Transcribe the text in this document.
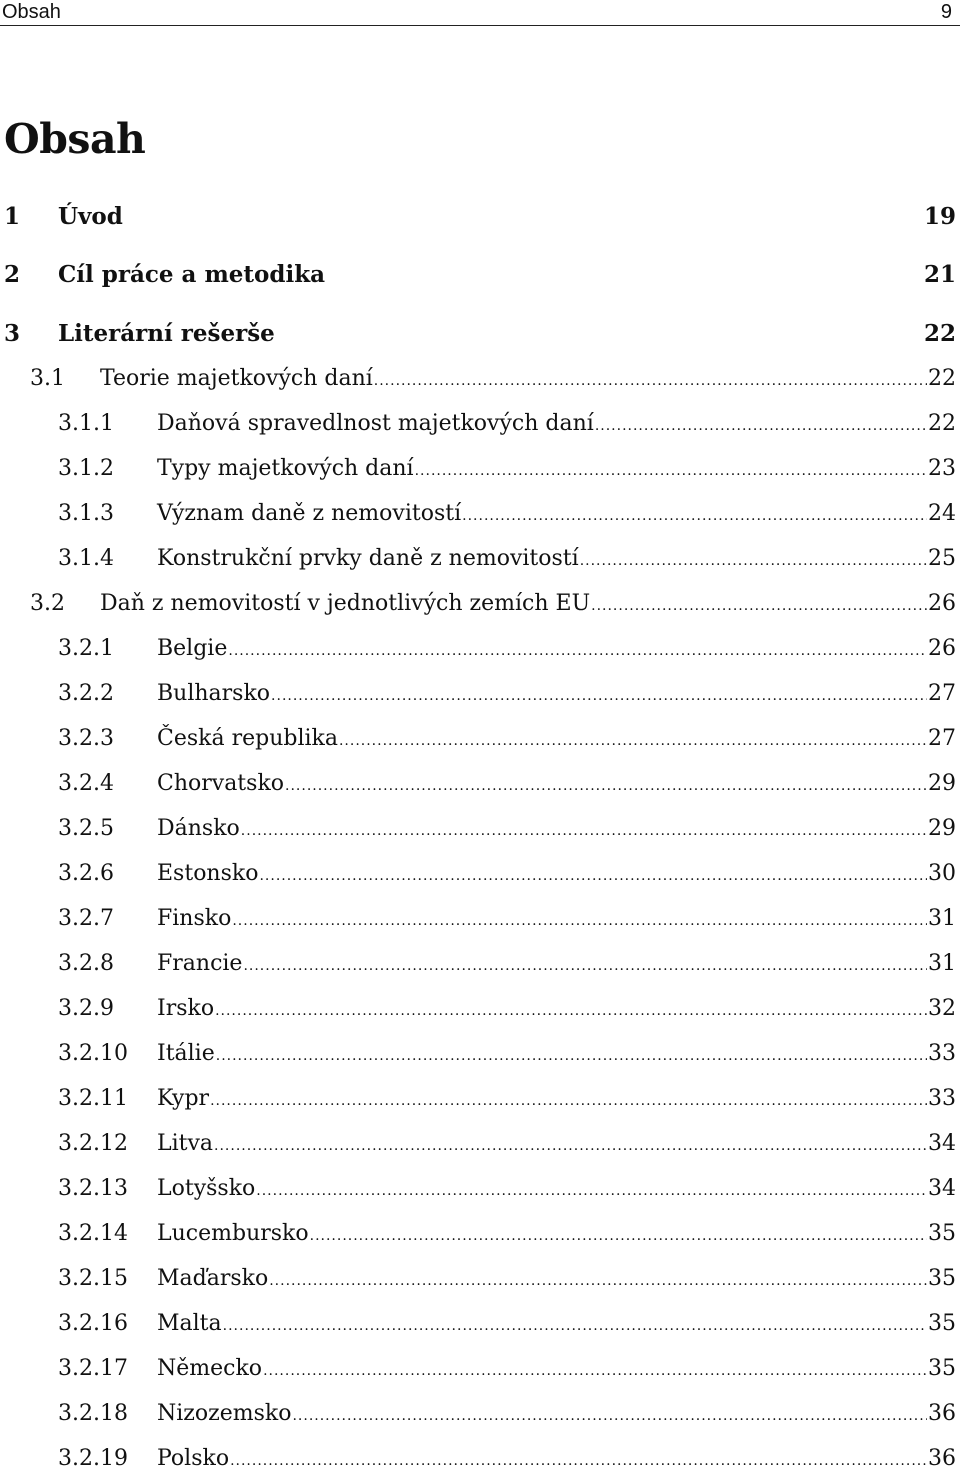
Obsah	9
Obsah
1	Úvod	19
2	Cíl práce a metodika	21
3	Literární rešerše	22
3.1	Teorie majetkových daní .....	22
3.1.1	Daňová spravedlnost majetkových daní .....	22
3.1.2	Typy majetkových daní .....	23
3.1.3	Význam daně z nemovitostí .....	24
3.1.4	Konstrukční prvky daně z nemovitostí .....	25
3.2	Daň z nemovitostí v jednotlivých zemích EU .....	26
3.2.1	Belgie .....	26
3.2.2	Bulharsko .....	27
3.2.3	Česká republika .....	27
3.2.4	Chorvatsko .....	29
3.2.5	Dánsko .....	29
3.2.6	Estonsko .....	30
3.2.7	Finsko .....	31
3.2.8	Francie .....	31
3.2.9	Irsko .....	32
3.2.10	Itálie .....	33
3.2.11	Kypr .....	33
3.2.12	Litva .....	34
3.2.13	Lotyšsko .....	34
3.2.14	Lucembursko .....	35
3.2.15	Maďarsko .....	35
3.2.16	Malta .....	35
3.2.17	Německo .....	35
3.2.18	Nizozemsko .....	36
3.2.19	Polsko .....	36
